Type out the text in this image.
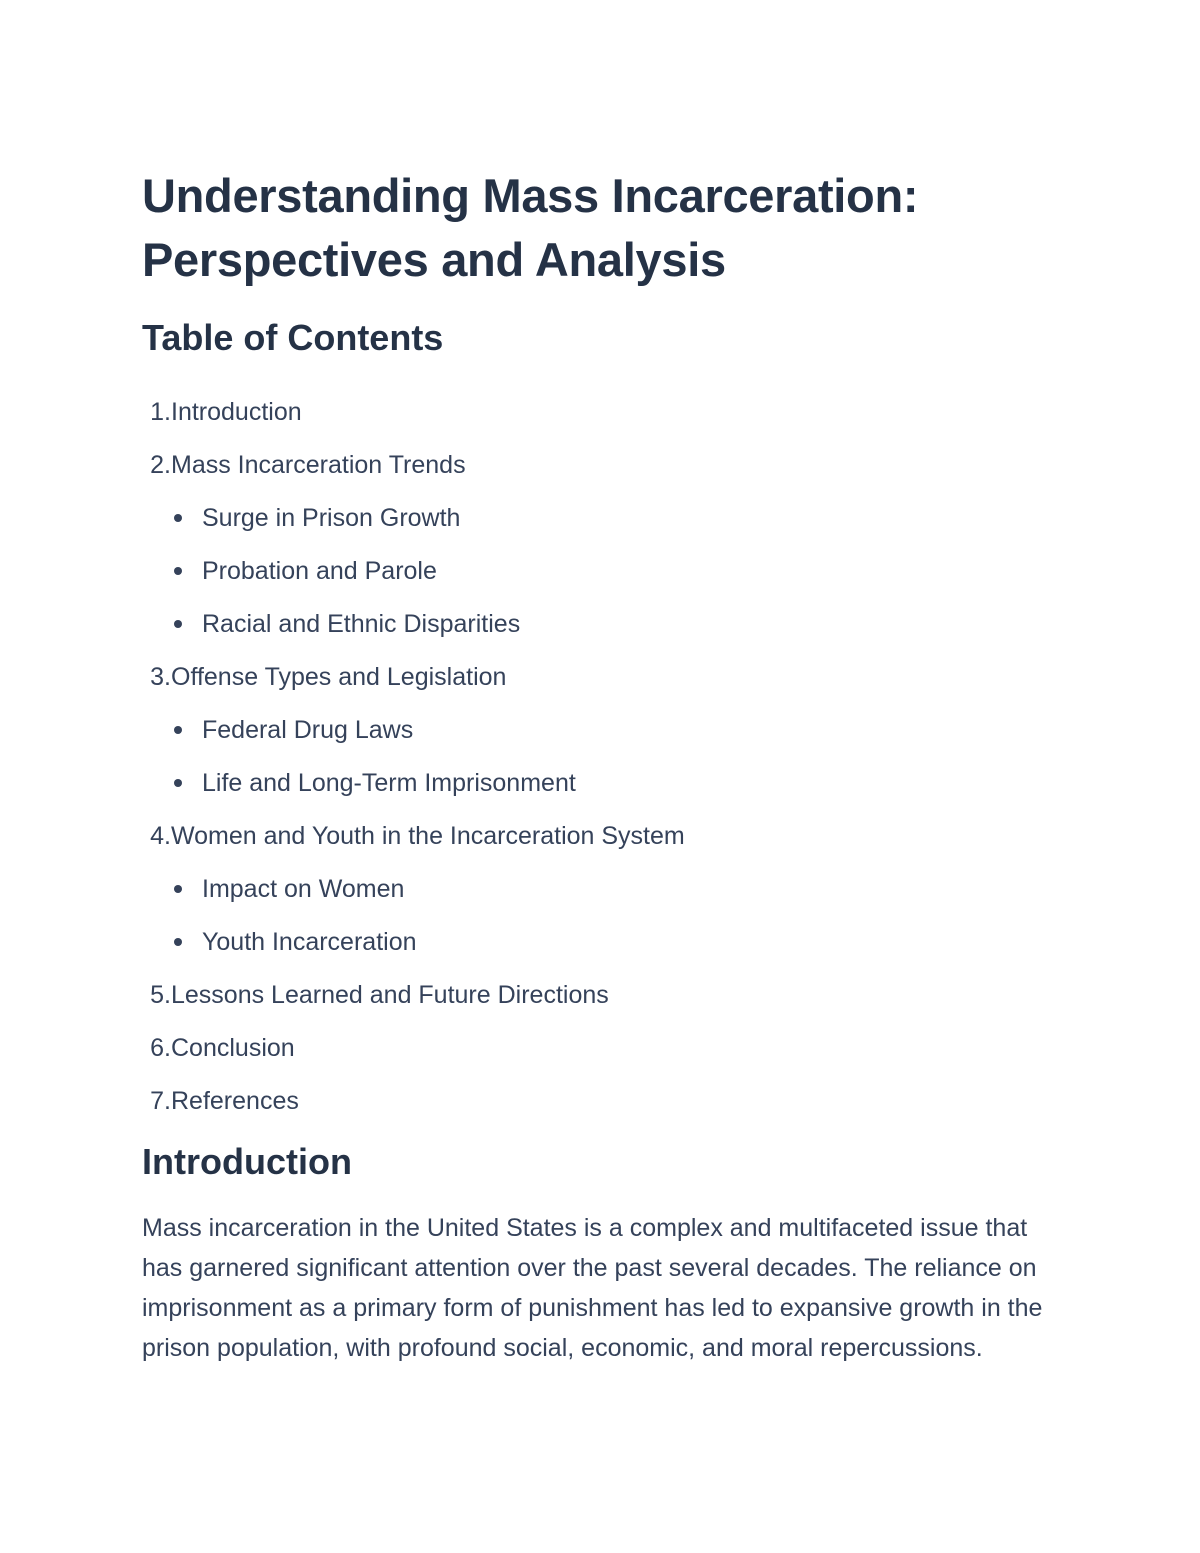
Understanding Mass Incarceration:
Perspectives and Analysis
Table of Contents
1. Introduction
2. Mass Incarceration Trends
Surge in Prison Growth
Probation and Parole
Racial and Ethnic Disparities
3. Offense Types and Legislation
Federal Drug Laws
Life and Long-Term Imprisonment
4. Women and Youth in the Incarceration System
Impact on Women
Youth Incarceration
5. Lessons Learned and Future Directions
6. Conclusion
7. References
Introduction

Mass incarceration in the United States is a complex and multifaceted issue that has garnered significant attention over the past several decades. The reliance on imprisonment as a primary form of punishment has led to expansive growth in the prison population, with profound social, economic, and moral repercussions.
